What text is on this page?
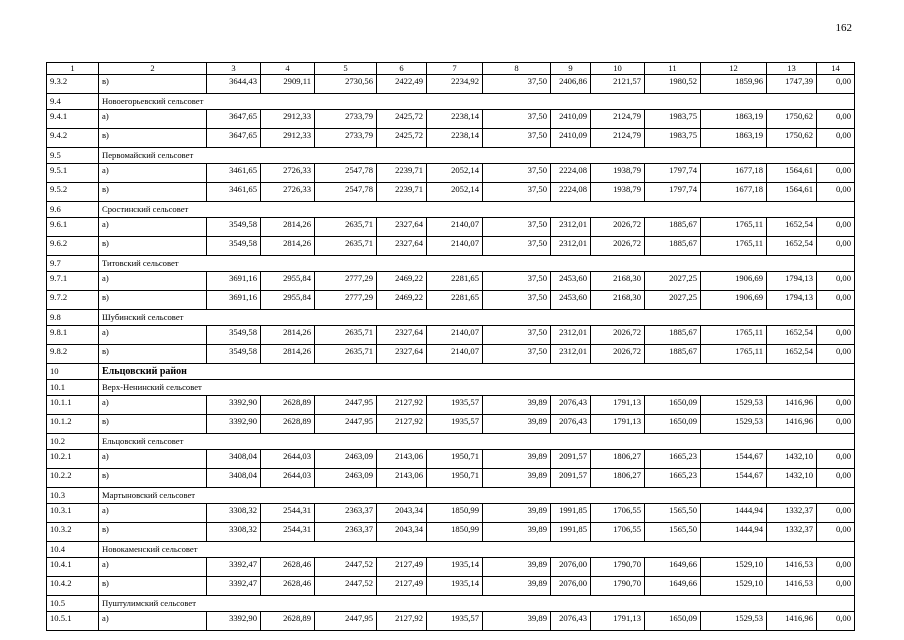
162
1	2	3	4	5	6	7	8	9	10	11	12	13	14
9.3.2	в)	3644,43	2909,11	2730,56	2422,49	2234,92	37,50	2406,86	2121,57	1980,52	1859,96	1747,39	0,00
9.4	Новоегорьевский сельсовет												
9.4.1	а)	3647,65	2912,33	2733,79	2425,72	2238,14	37,50	2410,09	2124,79	1983,75	1863,19	1750,62	0,00
9.4.2	в)	3647,65	2912,33	2733,79	2425,72	2238,14	37,50	2410,09	2124,79	1983,75	1863,19	1750,62	0,00
9.5	Первомайский сельсовет												
9.5.1	а)	3461,65	2726,33	2547,78	2239,71	2052,14	37,50	2224,08	1938,79	1797,74	1677,18	1564,61	0,00
9.5.2	в)	3461,65	2726,33	2547,78	2239,71	2052,14	37,50	2224,08	1938,79	1797,74	1677,18	1564,61	0,00
9.6	Сростинский сельсовет												
9.6.1	а)	3549,58	2814,26	2635,71	2327,64	2140,07	37,50	2312,01	2026,72	1885,67	1765,11	1652,54	0,00
9.6.2	в)	3549,58	2814,26	2635,71	2327,64	2140,07	37,50	2312,01	2026,72	1885,67	1765,11	1652,54	0,00
9.7	Титовский сельсовет												
9.7.1	а)	3691,16	2955,84	2777,29	2469,22	2281,65	37,50	2453,60	2168,30	2027,25	1906,69	1794,13	0,00
9.7.2	в)	3691,16	2955,84	2777,29	2469,22	2281,65	37,50	2453,60	2168,30	2027,25	1906,69	1794,13	0,00
9.8	Шубинский сельсовет												
9.8.1	а)	3549,58	2814,26	2635,71	2327,64	2140,07	37,50	2312,01	2026,72	1885,67	1765,11	1652,54	0,00
9.8.2	в)	3549,58	2814,26	2635,71	2327,64	2140,07	37,50	2312,01	2026,72	1885,67	1765,11	1652,54	0,00
10	Ельцовский район												
10.1	Верх-Ненинский сельсовет												
10.1.1	а)	3392,90	2628,89	2447,95	2127,92	1935,57	39,89	2076,43	1791,13	1650,09	1529,53	1416,96	0,00
10.1.2	в)	3392,90	2628,89	2447,95	2127,92	1935,57	39,89	2076,43	1791,13	1650,09	1529,53	1416,96	0,00
10.2	Ельцовский сельсовет												
10.2.1	а)	3408,04	2644,03	2463,09	2143,06	1950,71	39,89	2091,57	1806,27	1665,23	1544,67	1432,10	0,00
10.2.2	в)	3408,04	2644,03	2463,09	2143,06	1950,71	39,89	2091,57	1806,27	1665,23	1544,67	1432,10	0,00
10.3	Мартыновский сельсовет												
10.3.1	а)	3308,32	2544,31	2363,37	2043,34	1850,99	39,89	1991,85	1706,55	1565,50	1444,94	1332,37	0,00
10.3.2	в)	3308,32	2544,31	2363,37	2043,34	1850,99	39,89	1991,85	1706,55	1565,50	1444,94	1332,37	0,00
10.4	Новокаменский сельсовет												
10.4.1	а)	3392,47	2628,46	2447,52	2127,49	1935,14	39,89	2076,00	1790,70	1649,66	1529,10	1416,53	0,00
10.4.2	в)	3392,47	2628,46	2447,52	2127,49	1935,14	39,89	2076,00	1790,70	1649,66	1529,10	1416,53	0,00
10.5	Пуштулимский сельсовет												
10.5.1	а)	3392,90	2628,89	2447,95	2127,92	1935,57	39,89	2076,43	1791,13	1650,09	1529,53	1416,96	0,00
